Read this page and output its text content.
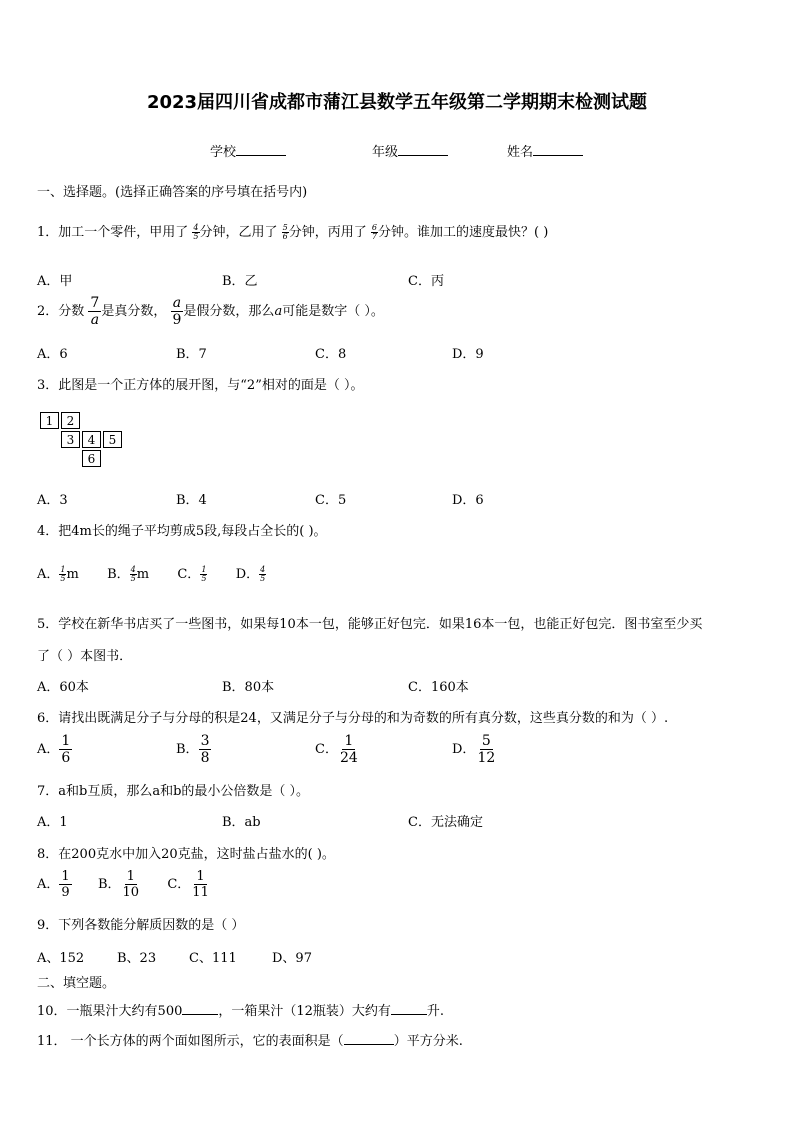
2023届四川省成都市蒲江县数学五年级第二学期期末检测试题
学校	年级	姓名
一、选择题。(选择正确答案的序号填在括号内)
1．加工一个零件，甲用了 $\frac{4}{5}$ 分钟，乙用了 $\frac{5}{6}$ 分钟，丙用了 $\frac{6}{7}$ 分钟。谁加工的速度最快？( )
A．甲	B．乙	C．丙
2．分数 $\frac{7}{a}$ 是真分数， $\frac{a}{9}$ 是假分数，那么a可能是数字（ ）。
A．6	B．7	C．8	D．9
3．此图是一个正方体的展开图，与“2”相对的面是（ ）。
1	2
3	4	5
6
A．3	B．4	C．5	D．6
4．把4m长的绳子平均剪成5段,每段占全长的( )。
A． $\frac{1}{5}$ m B． $\frac{4}{5}$ m C． $\frac{1}{5}$ D． $\frac{4}{5}$
5．学校在新华书店买了一些图书，如果每10本一包，能够正好包完．如果16本一包，也能正好包完．图书室至少买
了（ ）本图书．
A．60本	B．80本	C．160本
6．请找出既满足分子与分母的积是24，又满足分子与分母的和为奇数的所有真分数，这些真分数的和为（ ）.
A． $\frac{1}{6}$	B． $\frac{3}{8}$	C． $\frac{1}{24}$	D． $\frac{5}{12}$
7．a和b互质，那么a和b的最小公倍数是（ ）。
A．1	B．ab	C．无法确定
8．在200克水中加入20克盐，这时盐占盐水的( )。
A． $\frac{1}{9}$ B． $\frac{1}{10}$ C． $\frac{1}{11}$
9．下列各数能分解质因数的是（ ）
A、152	B、23	C、111	D、97
二、填空题。
10．一瓶果汁大约有500	，一箱果汁（12瓶装）大约有	升.
11． 一个长方体的两个面如图所示，它的表面积是（	）平方分米.
